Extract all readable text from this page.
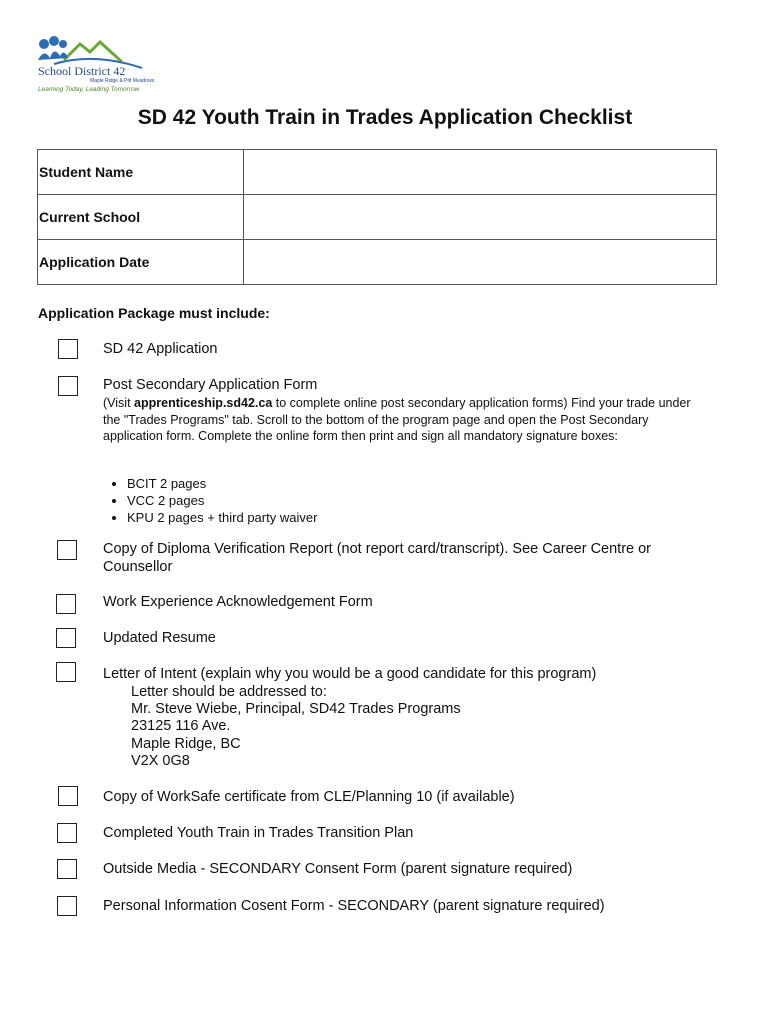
School District 42
Maple Ridge & Pitt Meadows
Learning Today, Leading Tomorrow
SD 42 Youth Train in Trades Application Checklist
Student Name	
Current School	
Application Date	
Application Package must include:
SD 42 Application
Post Secondary Application Form
(Visit apprenticeship.sd42.ca to complete online post secondary application forms) Find your trade under the "Trades Programs" tab. Scroll to the bottom of the program page and open the Post Secondary application form. Complete the online form then print and sign all mandatory signature boxes:
• BCIT 2 pages
• VCC 2 pages
• KPU 2 pages + third party waiver
Copy of Diploma Verification Report (not report card/transcript). See Career Centre or Counsellor
Work Experience Acknowledgement Form
Updated Resume
Letter of Intent (explain why you would be a good candidate for this program)
Letter should be addressed to:
Mr. Steve Wiebe, Principal, SD42 Trades Programs
23125 116 Ave.
Maple Ridge, BC
V2X 0G8
Copy of WorkSafe certificate from CLE/Planning 10 (if available)
Completed Youth Train in Trades Transition Plan
Outside Media - SECONDARY Consent Form (parent signature required)
Personal Information Cosent Form - SECONDARY (parent signature required)
